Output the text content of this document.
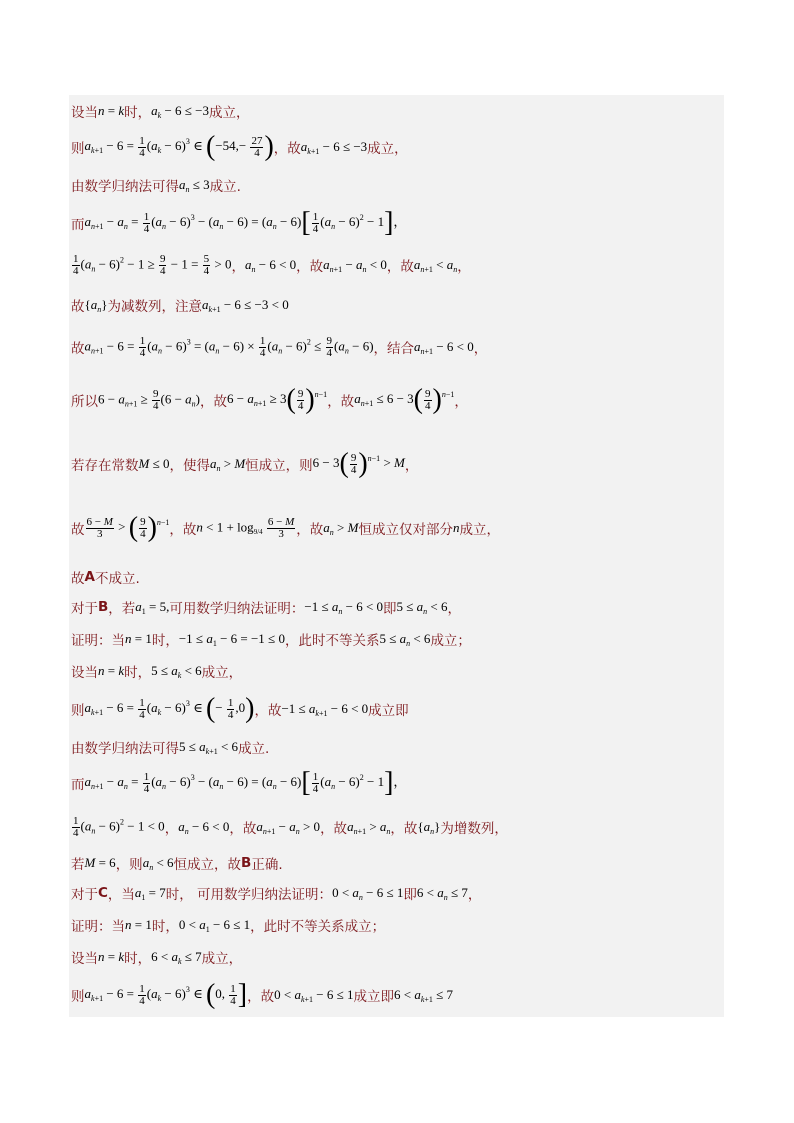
设当 n = k 时， $a_k - 6 \le -3$ 成立，
则 $a_{k+1} - 6 = \frac{1}{4} (a_k - 6)^3$ ∈ ($-54,- \frac{27}{4}$ ) ，故 $a_{k+1} - 6 \le -3$ 成立，
由数学归纳法可得 $a_n \le 3$ 成立.
而 $a_{n+1} - a_n = \frac{1}{4} (a_n - 6)^3 - (a_n - 6) = (a_n - 6)[ \frac{1}{4} (a_n - 6)^2 - 1]$，
$\frac{1}{4} (a_n - 6)^2 - 1 \ge \frac{9}{4} - 1 = \frac{5}{4} > 0$ ， $a_n - 6 < 0$ ，故 $a_{n+1} - a_n < 0$ ，故 $a_{n+1} < a_n$ ，
故 $\{a_n\}$ 为减数列，注意 $a_{k+1} - 6 \le -3 < 0$
故 $a_{n+1} - 6 = \frac{1}{4} (a_n - 6)^3 = (a_n - 6) \times \frac{1}{4} (a_n - 6)^2 \le \frac{9}{4} (a_n - 6)$ ，结合 $a_{n+1} - 6 < 0$ ，
所以 $6 - a_{n+1} \ge \frac{9}{4} (6 - a_n)$ ，故 $6 - a_{n+1} \ge 3( \frac{9}{4} )^{n-1}$ ，故 $a_{n+1} \le 6 - 3( \frac{9}{4} )^{n-1}$ ，
若存在常数 M ≤ 0 ，使得 $a_n > M$ 恒成立，则 $6 - 3( \frac{9}{4} )^{n-1} > M$ ，
故 $\frac{6 - M}{3}$ > ( $\frac{9}{4} )^{n-1}$ ，故 $n < 1 + \log_{9/4} \frac{6 - M}{3}$ ，故 $a_n > M$ 恒成立仅对部分 n 成立，
故 A 不成立.
对于 B ，若 $a_1 = 5$, 可用数学归纳法证明： $-1 \le a_n - 6 < 0$ 即 $5 \le a_n < 6$ ，
证明：当 n = 1 时， $-1 \le a_1 - 6 = -1 \le 0$ ，此时不等关系 $5 \le a_n < 6$ 成立；
设当 n = k 时， $5 \le a_k < 6$ 成立，
则 $a_{k+1} - 6 = \frac{1}{4} (a_k - 6)^3$ ∈ (− $\frac{1}{4} ,0$) ，故 $-1 \le a_{k+1} - 6 < 0$ 成立即
由数学归纳法可得 $5 \le a_{k+1} < 6$ 成立.
而 $a_{n+1} - a_n = \frac{1}{4} (a_n - 6)^3 - (a_n - 6) = (a_n - 6)[ \frac{1}{4} (a_n - 6)^2 - 1]$，
$\frac{1}{4} (a_n - 6)^2 - 1 < 0$ ， $a_n - 6 < 0$ ，故 $a_{n+1} - a_n > 0$ ，故 $a_{n+1} > a_n$ ，故 $\{a_n\}$ 为增数列，
若 M = 6 ，则 $a_n < 6$ 恒成立，故 B 正确.
对于 C ，当 $a_1 = 7$ 时， 可用数学归纳法证明： $0 < a_n - 6 \le 1$ 即 $6 < a_n \le 7$ ，
证明：当 n = 1 时， $0 < a_1 - 6 \le 1$ ，此时不等关系成立；
设当 n = k 时， $6 < a_k \le 7$ 成立，
则 $a_{k+1} - 6 = \frac{1}{4} (a_k - 6)^3$ ∈ (0, $\frac{1}{4}$ ] ，故 $0 < a_{k+1} - 6 \le 1$ 成立即 $6 < a_{k+1} \le 7$
